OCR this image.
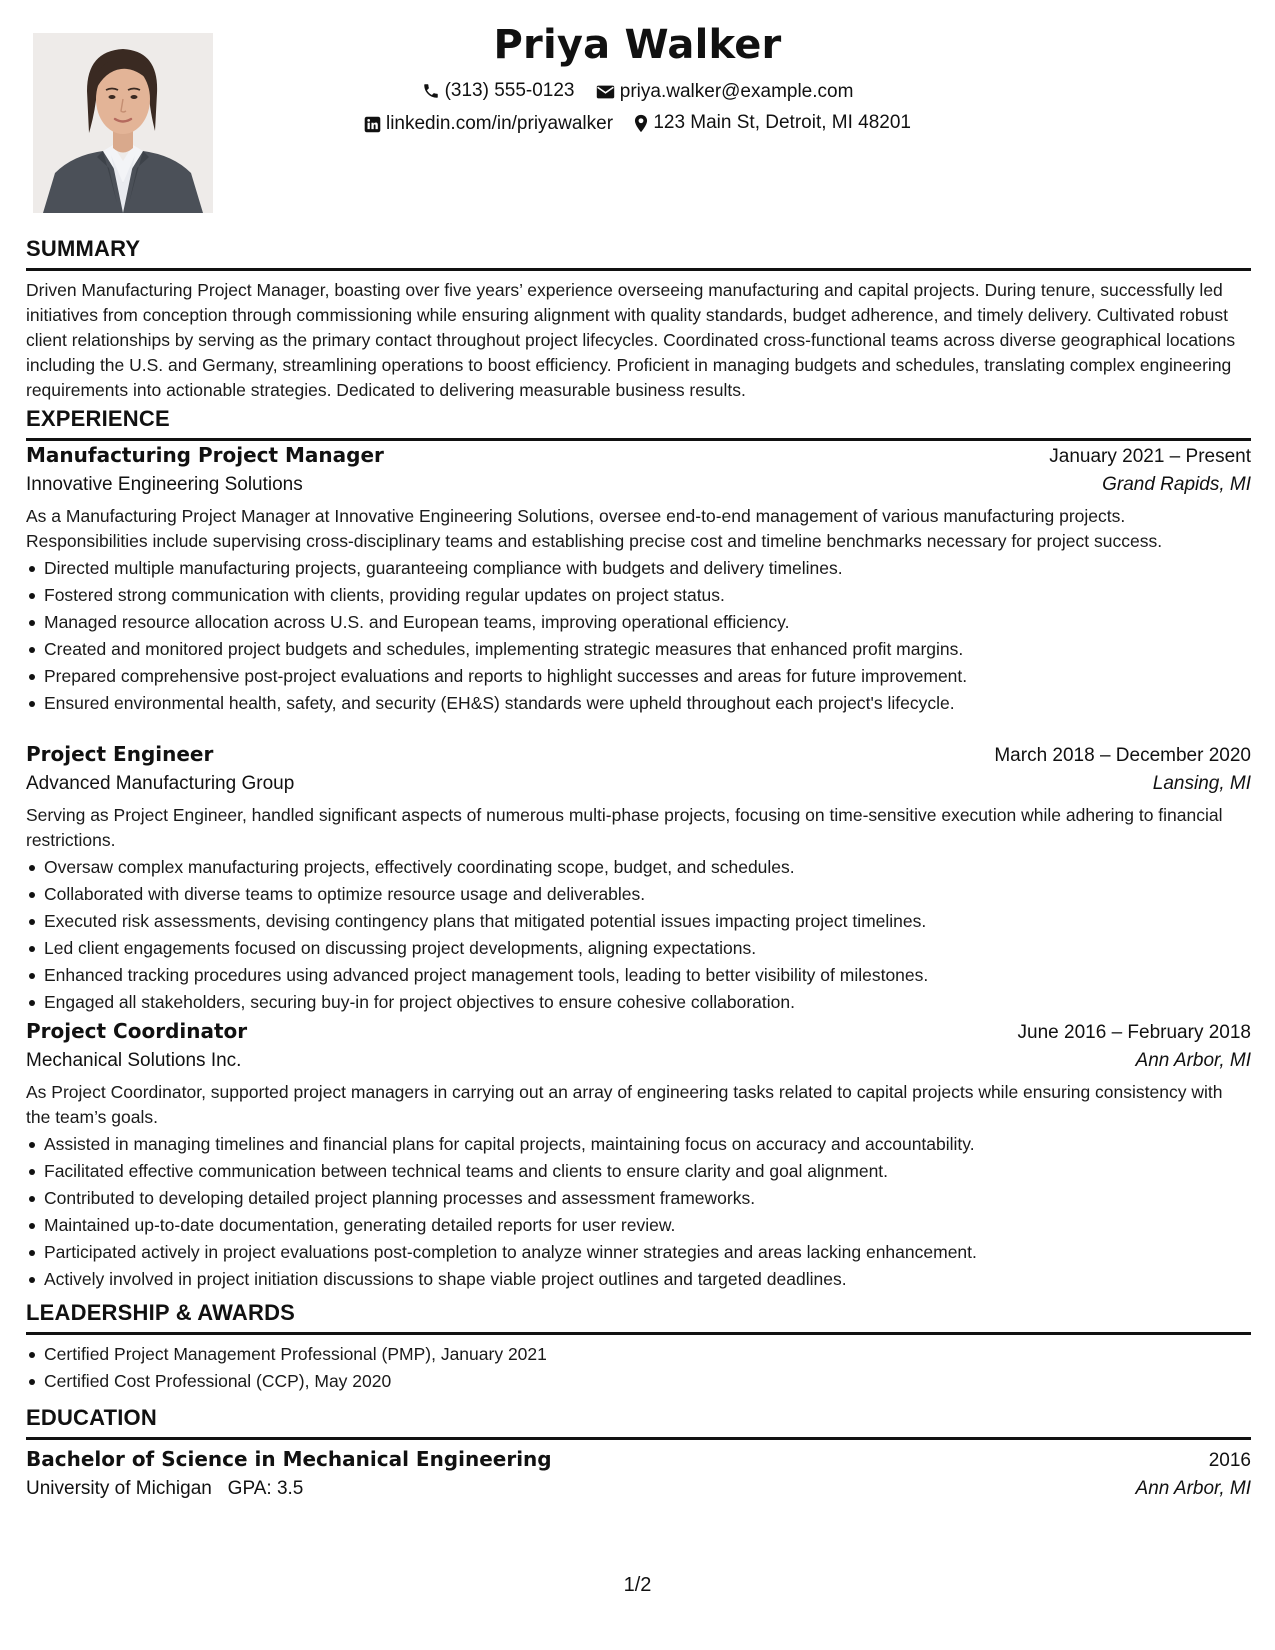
Priya Walker
(313) 555-0123
priya.walker@example.com
linkedin.com/in/priyawalker
123 Main St, Detroit, MI 48201
SUMMARY
Driven Manufacturing Project Manager, boasting over five years’ experience overseeing manufacturing and capital projects. During tenure, successfully led initiatives from conception through commissioning while ensuring alignment with quality standards, budget adherence, and timely delivery. Cultivated robust client relationships by serving as the primary contact throughout project lifecycles. Coordinated cross-functional teams across diverse geographical locations including the U.S. and Germany, streamlining operations to boost efficiency. Proficient in managing budgets and schedules, translating complex engineering requirements into actionable strategies. Dedicated to delivering measurable business results.
EXPERIENCE
Manufacturing Project Manager	January 2021 – Present
Innovative Engineering Solutions	Grand Rapids, MI
As a Manufacturing Project Manager at Innovative Engineering Solutions, oversee end-to-end management of various manufacturing projects. Responsibilities include supervising cross-disciplinary teams and establishing precise cost and timeline benchmarks necessary for project success.
Directed multiple manufacturing projects, guaranteeing compliance with budgets and delivery timelines.
Fostered strong communication with clients, providing regular updates on project status.
Managed resource allocation across U.S. and European teams, improving operational efficiency.
Created and monitored project budgets and schedules, implementing strategic measures that enhanced profit margins.
Prepared comprehensive post-project evaluations and reports to highlight successes and areas for future improvement.
Ensured environmental health, safety, and security (EH&S) standards were upheld throughout each project's lifecycle.
Project Engineer	March 2018 – December 2020
Advanced Manufacturing Group	Lansing, MI
Serving as Project Engineer, handled significant aspects of numerous multi-phase projects, focusing on time-sensitive execution while adhering to financial restrictions.
Oversaw complex manufacturing projects, effectively coordinating scope, budget, and schedules.
Collaborated with diverse teams to optimize resource usage and deliverables.
Executed risk assessments, devising contingency plans that mitigated potential issues impacting project timelines.
Led client engagements focused on discussing project developments, aligning expectations.
Enhanced tracking procedures using advanced project management tools, leading to better visibility of milestones.
Engaged all stakeholders, securing buy-in for project objectives to ensure cohesive collaboration.
Project Coordinator	June 2016 – February 2018
Mechanical Solutions Inc.	Ann Arbor, MI
As Project Coordinator, supported project managers in carrying out an array of engineering tasks related to capital projects while ensuring consistency with the team’s goals.
Assisted in managing timelines and financial plans for capital projects, maintaining focus on accuracy and accountability.
Facilitated effective communication between technical teams and clients to ensure clarity and goal alignment.
Contributed to developing detailed project planning processes and assessment frameworks.
Maintained up-to-date documentation, generating detailed reports for user review.
Participated actively in project evaluations post-completion to analyze winner strategies and areas lacking enhancement.
Actively involved in project initiation discussions to shape viable project outlines and targeted deadlines.
LEADERSHIP & AWARDS
Certified Project Management Professional (PMP), January 2021
Certified Cost Professional (CCP), May 2020
EDUCATION
Bachelor of Science in Mechanical Engineering	2016
University of Michigan   GPA: 3.5	Ann Arbor, MI
1/2
